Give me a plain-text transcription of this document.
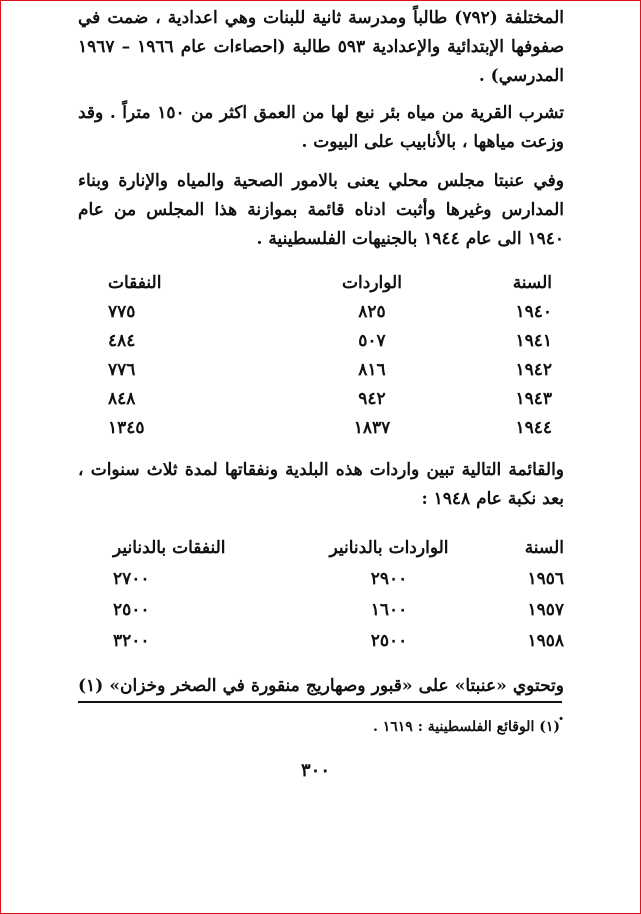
المختلفة (٧٩٢) طالباً ومدرسة ثانية للبنات وهي اعدادية ، ضمت في صفوفها الإبتدائية والإعدادية ٥٩٣ طالبة (احصاءات عام ١٩٦٦ – ١٩٦٧ المدرسي) .

تشرب القرية من مياه بئر نبع لها من العمق اكثر من ١٥٠ متراً . وقد وزعت مياهها ، بالأنابيب على البيوت .

وفي عنبتا مجلس محلي يعنى بالامور الصحية والمياه والإنارة وبناء المدارس وغيرها وأثبت ادناه قائمة بموازنة هذا المجلس من عام ١٩٤٠ الى عام ١٩٤٤ بالجنيهات الفلسطينية .

السنة	الواردات	النفقات
١٩٤٠	٨٢٥	٧٧٥
١٩٤١	٥٠٧	٤٨٤
١٩٤٢	٨١٦	٧٧٦
١٩٤٣	٩٤٢	٨٤٨
١٩٤٤	١٨٣٧	١٣٤٥

والقائمة التالية تبين واردات هذه البلدية ونفقاتها لمدة ثلاث سنوات ، بعد نكبة عام ١٩٤٨ :

السنة	الواردات بالدنانير	النفقات بالدنانير
١٩٥٦	٢٩٠٠	٢٧٠٠
١٩٥٧	١٦٠٠	٢٥٠٠
١٩٥٨	٢٥٠٠	٣٢٠٠

وتحتوي «عنبتا» على «قبور وصهاريج منقورة في الصخر وخزان» (١) .

(١) الوقائع الفلسطينية : ١٦١٩ .
٣٠٠
